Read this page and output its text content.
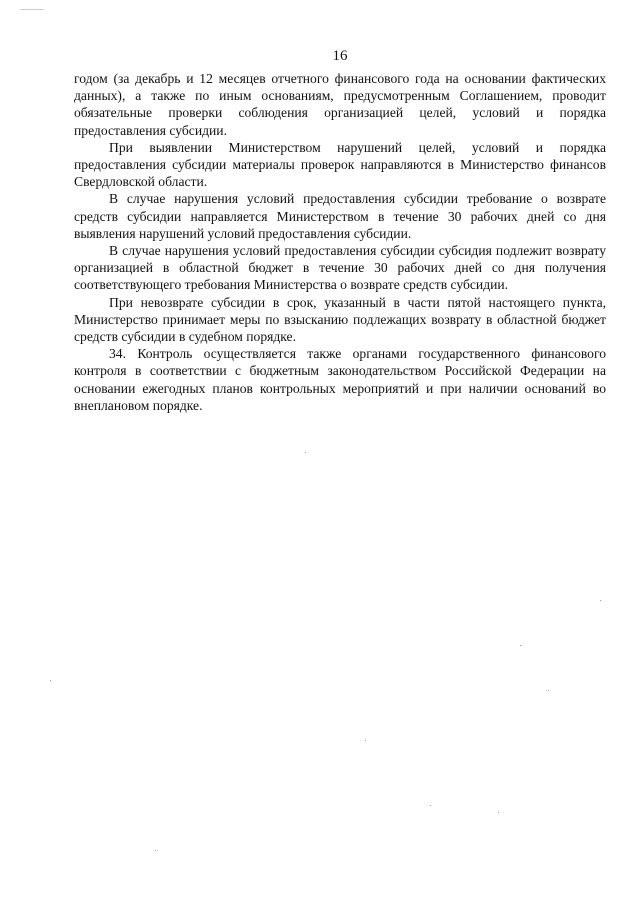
16

годом (за декабрь и 12 месяцев отчетного финансового года на основании фактических данных), а также по иным основаниям, предусмотренным Соглашением, проводит обязательные проверки соблюдения организацией целей, условий и порядка предоставления субсидии.

При выявлении Министерством нарушений целей, условий и порядка предоставления субсидии материалы проверок направляются в Министерство финансов Свердловской области.

В случае нарушения условий предоставления субсидии требование о возврате средств субсидии направляется Министерством в течение 30 рабочих дней со дня выявления нарушений условий предоставления субсидии.

В случае нарушения условий предоставления субсидии субсидия подлежит возврату организацией в областной бюджет в течение 30 рабочих дней со дня получения соответствующего требования Министерства о возврате средств субсидии.

При невозврате субсидии в срок, указанный в части пятой настоящего пункта, Министерство принимает меры по взысканию подлежащих возврату в областной бюджет средств субсидии в судебном порядке.

34. Контроль осуществляется также органами государственного финансового контроля в соответствии с бюджетным законодательством Российской Федерации на основании ежегодных планов контрольных мероприятий и при наличии оснований во внеплановом порядке.
